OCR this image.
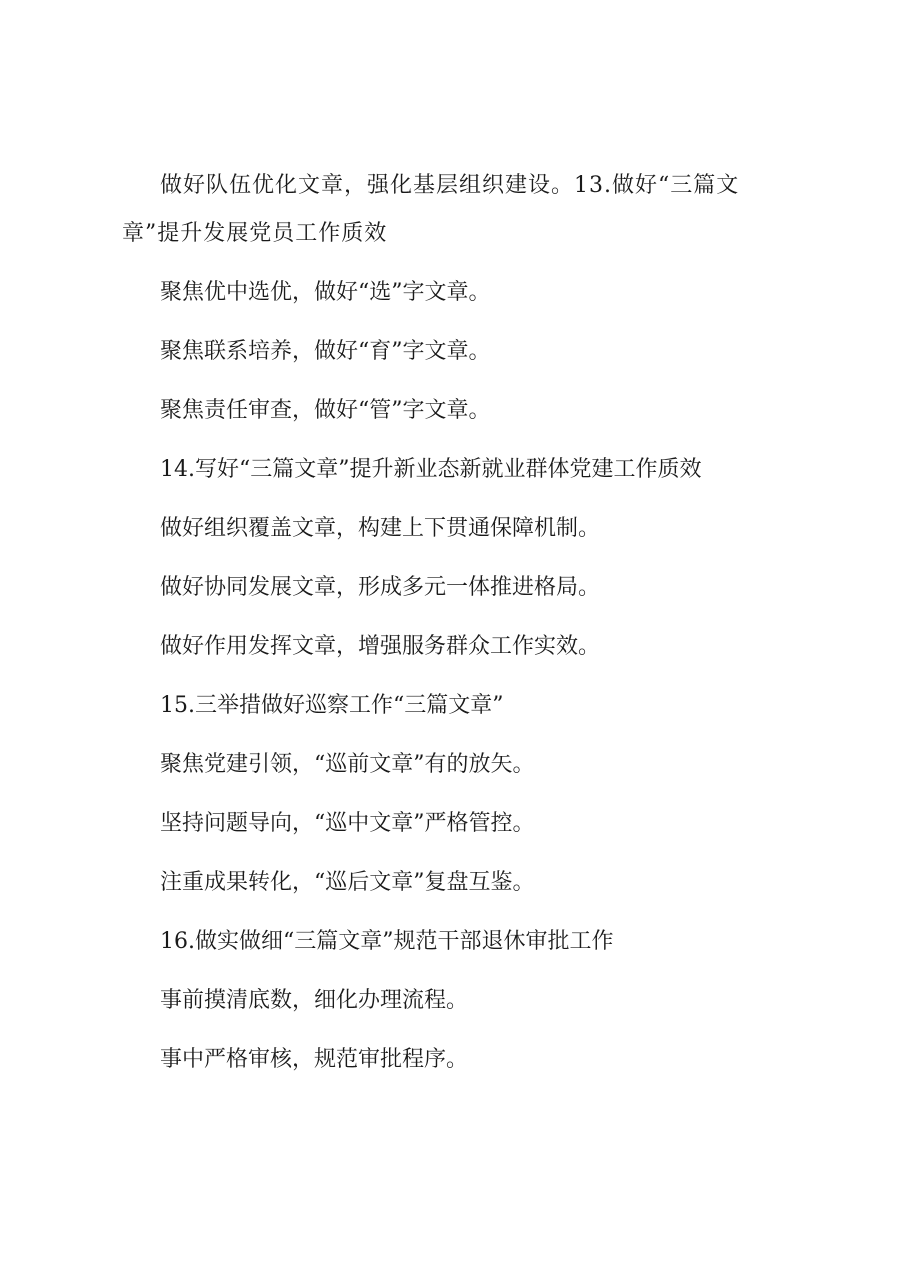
做好队伍优化文章，强化基层组织建设。13.做好“三篇文章”提升发展党员工作质效

聚焦优中选优，做好“选”字文章。

聚焦联系培养，做好“育”字文章。

聚焦责任审查，做好“管”字文章。

14.写好“三篇文章”提升新业态新就业群体党建工作质效

做好组织覆盖文章，构建上下贯通保障机制。

做好协同发展文章，形成多元一体推进格局。

做好作用发挥文章，增强服务群众工作实效。

15.三举措做好巡察工作“三篇文章”

聚焦党建引领，“巡前文章”有的放矢。

坚持问题导向，“巡中文章”严格管控。

注重成果转化，“巡后文章”复盘互鉴。

16.做实做细“三篇文章”规范干部退休审批工作

事前摸清底数，细化办理流程。

事中严格审核，规范审批程序。
